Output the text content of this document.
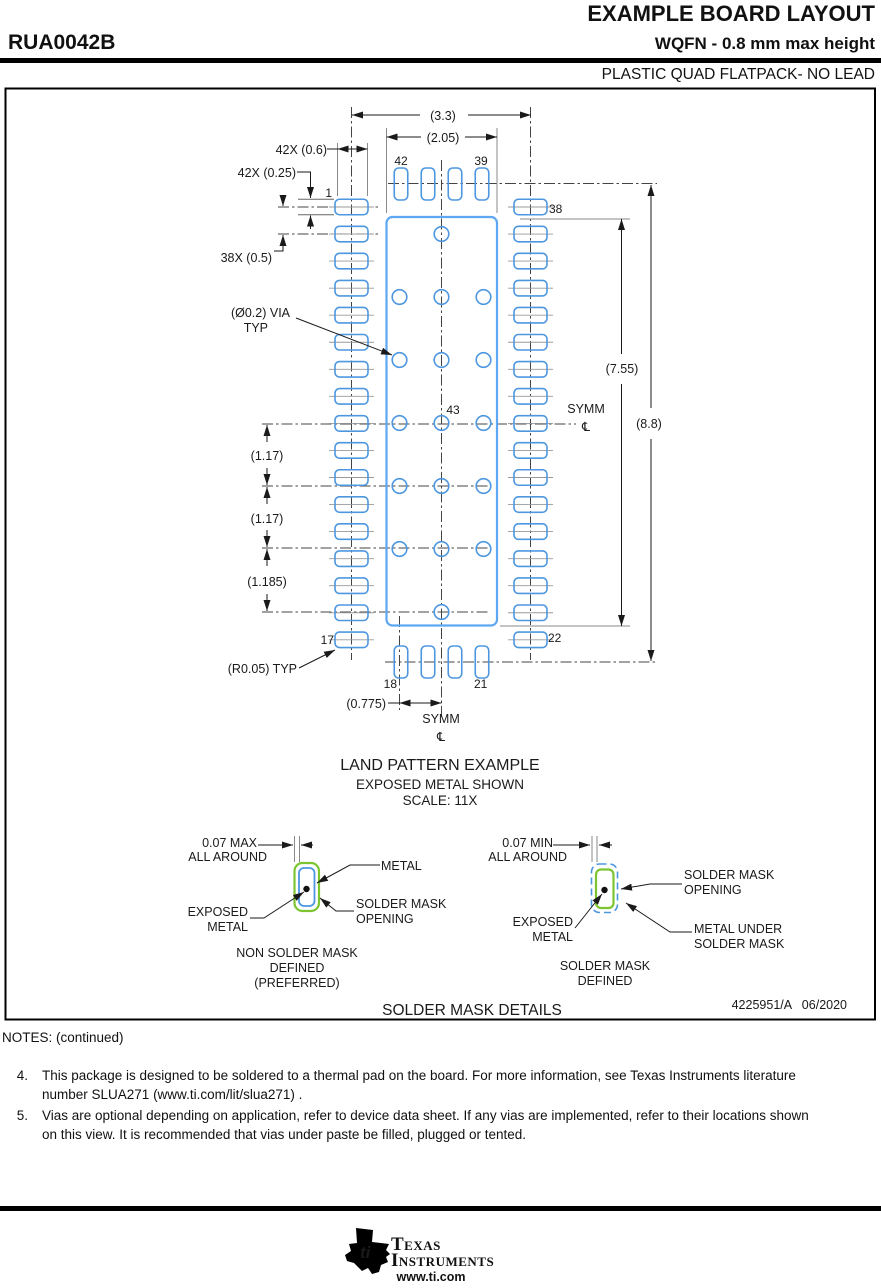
EXAMPLE BOARD LAYOUT
RUA0042B	WQFN - 0.8 mm max height
PLASTIC QUAD FLATPACK- NO LEAD
(3.3)
(2.05)
42X (0.6)
42X (0.25)
38X (0.5)
(Ø0.2) VIA
TYP
(7.55)
(8.8)
SYMM
℄
(1.17)
(1.17)
(1.185)
(R0.05) TYP
(0.775)
SYMM
℄
1
42	39
38
43
17	22
18	21
LAND PATTERN EXAMPLE
EXPOSED METAL SHOWN
SCALE: 11X
0.07 MAX
ALL AROUND
METAL
EXPOSED
METAL
SOLDER MASK
OPENING
NON SOLDER MASK
DEFINED
(PREFERRED)
0.07 MIN
ALL AROUND
SOLDER MASK
OPENING
EXPOSED
METAL
METAL UNDER
SOLDER MASK
SOLDER MASK
DEFINED
SOLDER MASK DETAILS	4225951/A   06/2020

NOTES: (continued)

4. This package is designed to be soldered to a thermal pad on the board. For more information, see Texas Instruments literature
number SLUA271 (www.ti.com/lit/slua271) .
5. Vias are optional depending on application, refer to device data sheet. If any vias are implemented, refer to their locations shown
on this view. It is recommended that vias under paste be filled, plugged or tented.
ti Texas
Instruments
www.ti.com
